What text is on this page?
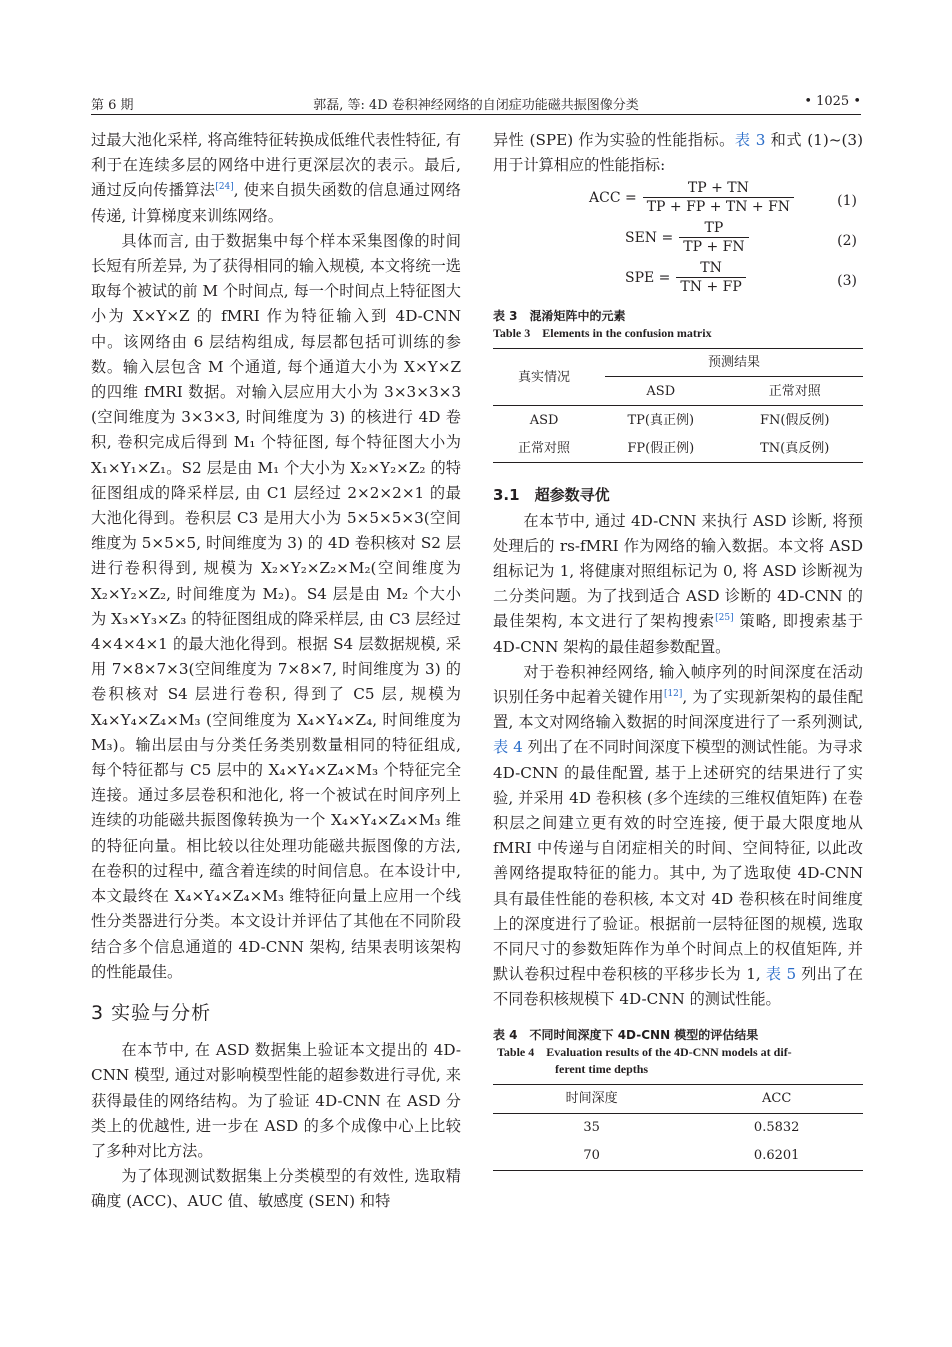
第 6 期	郭磊, 等: 4D 卷积神经网络的自闭症功能磁共振图像分类	• 1025 •

过最大池化采样, 将高维特征转换成低维代表性特征, 有利于在连续多层的网络中进行更深层次的表示。最后, 通过反向传播算法[24], 使来自损失函数的信息通过网络传递, 计算梯度来训练网络。

具体而言, 由于数据集中每个样本采集图像的时间长短有所差异, 为了获得相同的输入规模, 本文将统一选取每个被试的前 M 个时间点, 每一个时间点上特征图大小为 X×Y×Z 的 fMRI 作为特征输入到 4D-CNN 中。该网络由 6 层结构组成, 每层都包括可训练的参数。输入层包含 M 个通道, 每个通道大小为 X×Y×Z 的四维 fMRI 数据。对输入层应用大小为 3×3×3×3 (空间维度为 3×3×3, 时间维度为 3) 的核进行 4D 卷积, 卷积完成后得到 M₁ 个特征图, 每个特征图大小为 X₁×Y₁×Z₁。S2 层是由 M₁ 个大小为 X₂×Y₂×Z₂ 的特征图组成的降采样层, 由 C1 层经过 2×2×2×1 的最大池化得到。卷积层 C3 是用大小为 5×5×5×3(空间维度为 5×5×5, 时间维度为 3) 的 4D 卷积核对 S2 层进行卷积得到, 规模为 X₂×Y₂×Z₂×M₂(空间维度为 X₂×Y₂×Z₂, 时间维度为 M₂)。S4 层是由 M₂ 个大小为 X₃×Y₃×Z₃ 的特征图组成的降采样层, 由 C3 层经过 4×4×4×1 的最大池化得到。根据 S4 层数据规模, 采用 7×8×7×3(空间维度为 7×8×7, 时间维度为 3) 的卷积核对 S4 层进行卷积, 得到了 C5 层, 规模为 X₄×Y₄×Z₄×M₃ (空间维度为 X₄×Y₄×Z₄, 时间维度为 M₃)。输出层由与分类任务类别数量相同的特征组成, 每个特征都与 C5 层中的 X₄×Y₄×Z₄×M₃ 个特征完全连接。通过多层卷积和池化, 将一个被试在时间序列上连续的功能磁共振图像转换为一个 X₄×Y₄×Z₄×M₃ 维的特征向量。相比较以往处理功能磁共振图像的方法, 在卷积的过程中, 蕴含着连续的时间信息。在本设计中, 本文最终在 X₄×Y₄×Z₄×M₃ 维特征向量上应用一个线性分类器进行分类。本文设计并评估了其他在不同阶段结合多个信息通道的 4D-CNN 架构, 结果表明该架构的性能最佳。

3 实验与分析

在本节中, 在 ASD 数据集上验证本文提出的 4D-CNN 模型, 通过对影响模型性能的超参数进行寻优, 来获得最佳的网络结构。为了验证 4D-CNN 在 ASD 分类上的优越性, 进一步在 ASD 的多个成像中心上比较了多种对比方法。

为了体现测试数据集上分类模型的有效性, 选取精确度 (ACC)、AUC 值、敏感度 (SEN) 和特

异性 (SPE) 作为实验的性能指标。表 3 和式 (1)~(3) 用于计算相应的性能指标:

ACC = $\frac{TP + TN}{TP + FP + TN + FN}$	(1)
SEN = $\frac{TP}{TP + FN}$	(2)
SPE = $\frac{TN}{TN + FP}$	(3)

表 3　混淆矩阵中的元素

Table 3　Elements in the confusion matrix

真实情况	预测结果	

	ASD	正常对照
ASD	TP(真正例)	FN(假反例)
正常对照	FP(假正例)	TN(真反例)
3.1　超参数寻优

在本节中, 通过 4D-CNN 来执行 ASD 诊断, 将预处理后的 rs-fMRI 作为网络的输入数据。本文将 ASD 组标记为 1, 将健康对照组标记为 0, 将 ASD 诊断视为二分类问题。为了找到适合 ASD 诊断的 4D-CNN 的最佳架构, 本文进行了架构搜索[25] 策略, 即搜索基于 4D-CNN 架构的最佳超参数配置。

对于卷积神经网络, 输入帧序列的时间深度在活动识别任务中起着关键作用[12], 为了实现新架构的最佳配置, 本文对网络输入数据的时间深度进行了一系列测试, 表 4 列出了在不同时间深度下模型的测试性能。为寻求 4D-CNN 的最佳配置, 基于上述研究的结果进行了实验, 并采用 4D 卷积核 (多个连续的三维权值矩阵) 在卷积层之间建立更有效的时空连接, 便于最大限度地从 fMRI 中传递与自闭症相关的时间、空间特征, 以此改善网络提取特征的能力。其中, 为了选取使 4D-CNN 具有最佳性能的卷积核, 本文对 4D 卷积核在时间维度上的深度进行了验证。根据前一层特征图的规模, 选取不同尺寸的参数矩阵作为单个时间点上的权值矩阵, 并默认卷积过程中卷积核的平移步长为 1, 表 5 列出了在不同卷积核规模下 4D-CNN 的测试性能。

表 4　不同时间深度下 4D-CNN 模型的评估结果

Table 4　Evaluation results of the 4D-CNN models at dif-

ferent time depths

时间深度	ACC
35	0.5832
70	0.6201
